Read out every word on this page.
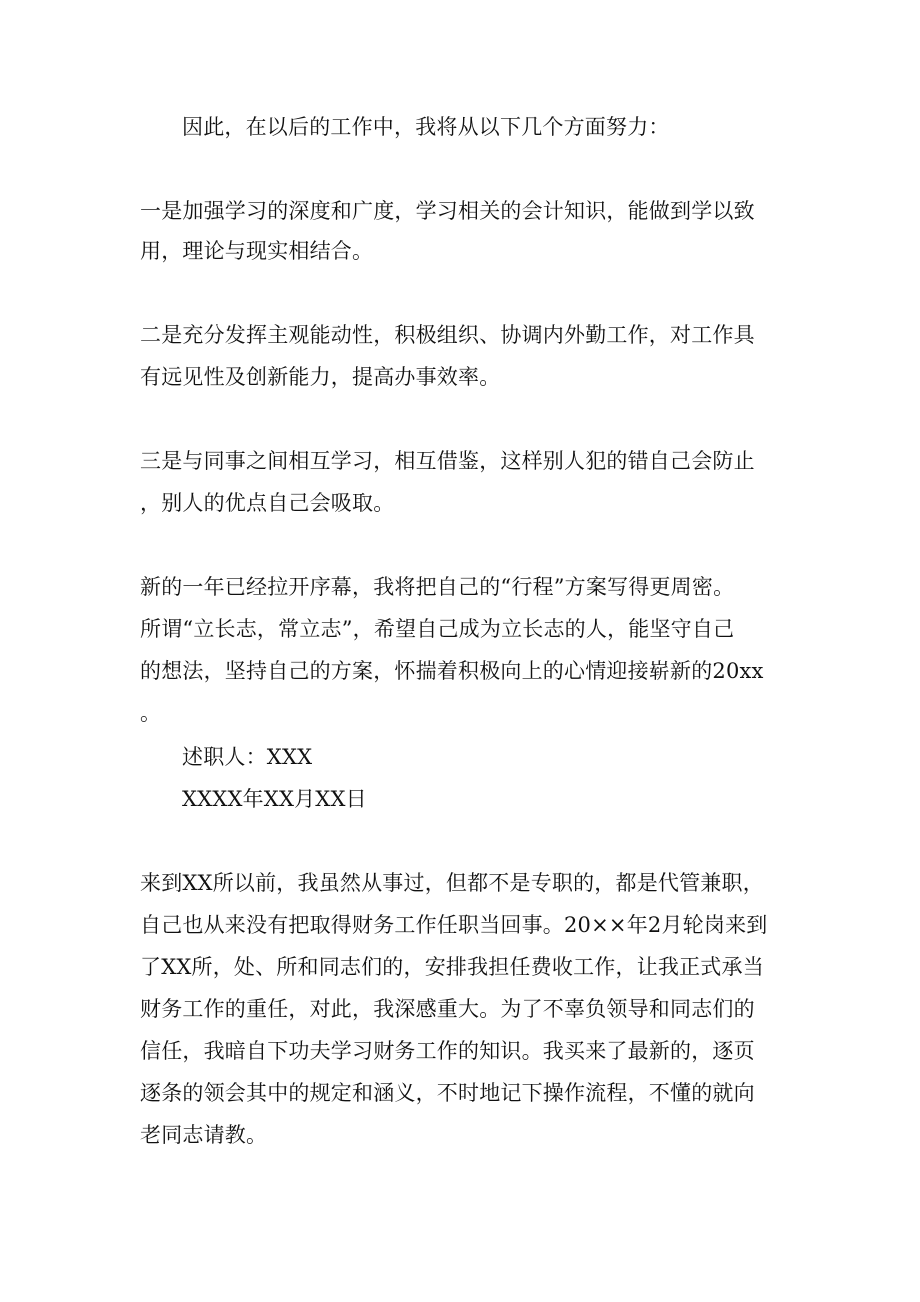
因此，在以后的工作中，我将从以下几个方面努力：
一是加强学习的深度和广度，学习相关的会计知识，能做到学以致
用，理论与现实相结合。
二是充分发挥主观能动性，积极组织、协调内外勤工作，对工作具
有远见性及创新能力，提高办事效率。
三是与同事之间相互学习，相互借鉴，这样别人犯的错自己会防止
，别人的优点自己会吸取。
新的一年已经拉开序幕，我将把自己的“行程”方案写得更周密。
所谓“立长志，常立志”，希望自己成为立长志的人，能坚守自己
的想法，坚持自己的方案，怀揣着积极向上的心情迎接崭新的20xx
。
述职人：XXX
XXXX年XX月XX日
来到XX所以前，我虽然从事过，但都不是专职的，都是代管兼职，
自己也从来没有把取得财务工作任职当回事。20××年2月轮岗来到
了XX所，处、所和同志们的，安排我担任费收工作，让我正式承当
财务工作的重任，对此，我深感重大。为了不辜负领导和同志们的
信任，我暗自下功夫学习财务工作的知识。我买来了最新的，逐页
逐条的领会其中的规定和涵义，不时地记下操作流程，不懂的就向
老同志请教。
